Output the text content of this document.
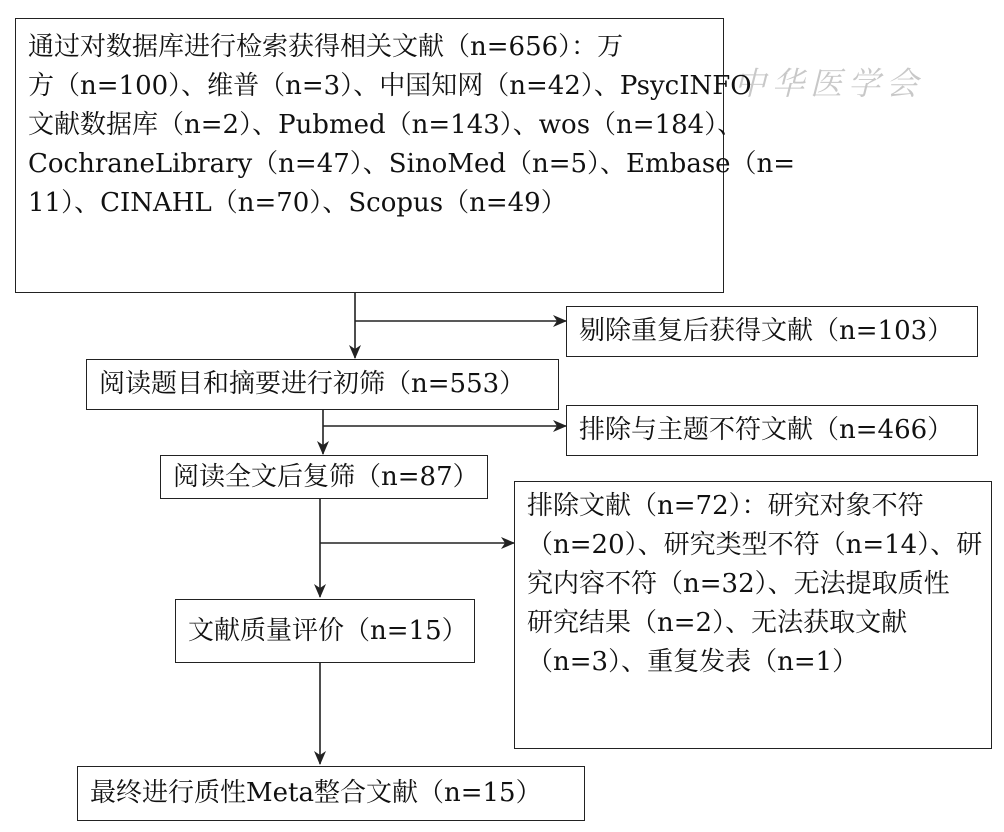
中华医学会
通过对数据库进行检索获得相关文献（n=656）：万
方（n=100）、维普（n=3）、中国知网（n=42）、PsycINFO
文献数据库（n=2）、Pubmed（n=143）、wos（n=184）、
CochraneLibrary（n=47）、SinoMed（n=5）、Embase（n=
11）、CINAHL（n=70）、Scopus（n=49）
剔除重复后获得文献（n=103）
阅读题目和摘要进行初筛（n=553）
排除与主题不符文献（n=466）
阅读全文后复筛（n=87）
排除文献（n=72）：研究对象不符
（n=20）、研究类型不符（n=14）、研
究内容不符（n=32）、无法提取质性
研究结果（n=2）、无法获取文献
（n=3）、重复发表（n=1）
文献质量评价（n=15）
最终进行质性Meta整合文献（n=15）
